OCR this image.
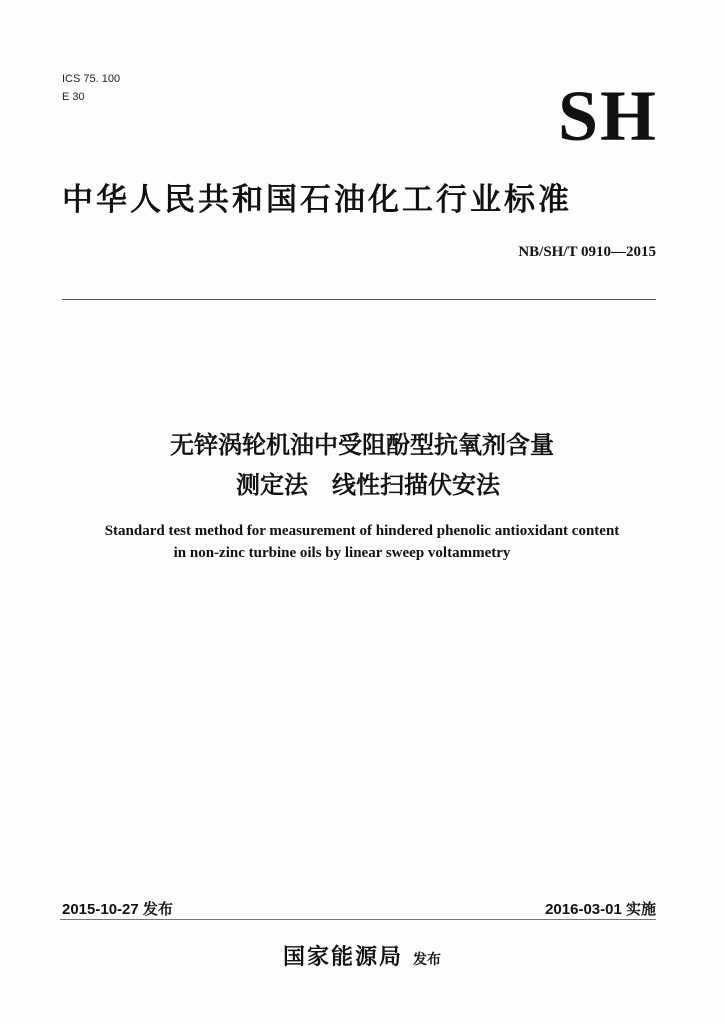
ICS 75. 100
E 30	SH
中华人民共和国石油化工行业标准
NB/SH/T 0910—2015
无锌涡轮机油中受阻酚型抗氧剂含量
测定法　线性扫描伏安法
Standard test method for measurement of hindered phenolic antioxidant content
in non-zinc turbine oils by linear sweep voltammetry
2015-10-27 发布	2016-03-01 实施
国家能源局 发布
